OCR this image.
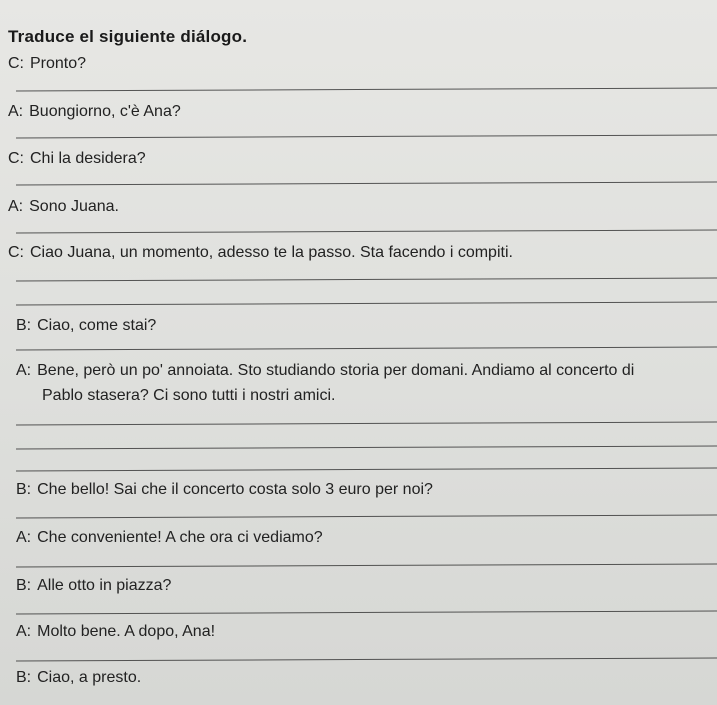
Traduce el siguiente diálogo.
C: Pronto?
A: Buongiorno, c'è Ana?
C: Chi la desidera?
A: Sono Juana.
C: Ciao Juana, un momento, adesso te la passo. Sta facendo i compiti.
B: Ciao, come stai?
A: Bene, però un po' annoiata. Sto studiando storia per domani. Andiamo al concerto di
Pablo stasera? Ci sono tutti i nostri amici.
B: Che bello! Sai che il concerto costa solo 3 euro per noi?
A: Che conveniente! A che ora ci vediamo?
B: Alle otto in piazza?
A: Molto bene. A dopo, Ana!
B: Ciao, a presto.
